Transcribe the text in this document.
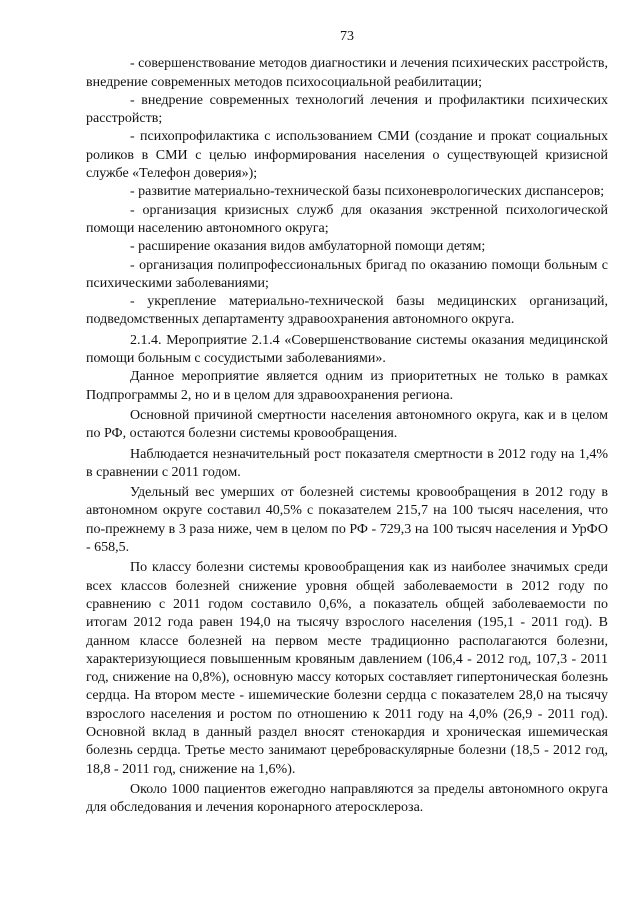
73

- совершенствование методов диагностики и лечения психических расстройств, внедрение современных методов психосоциальной реабилитации;

- внедрение современных технологий лечения и профилактики психических расстройств;

- психопрофилактика с использованием СМИ (создание и прокат социальных роликов в СМИ с целью информирования населения о существующей кризисной службе «Телефон доверия»);

- развитие материально-технической базы психоневрологических диспансеров;

- организация кризисных служб для оказания экстренной психологической помощи населению автономного округа;

- расширение оказания видов амбулаторной помощи детям;

- организация полипрофессиональных бригад по оказанию помощи больным с психическими заболеваниями;

- укрепление материально-технической базы медицинских организаций, подведомственных департаменту здравоохранения автономного округа.

2.1.4. Мероприятие 2.1.4 «Совершенствование системы оказания медицинской помощи больным с сосудистыми заболеваниями».

Данное мероприятие является одним из приоритетных не только в рамках Подпрограммы 2, но и в целом для здравоохранения региона.

Основной причиной смертности населения автономного округа, как и в целом по РФ, остаются болезни системы кровообращения.

Наблюдается незначительный рост показателя смертности в 2012 году на 1,4% в сравнении с 2011 годом.

Удельный вес умерших от болезней системы кровообращения в 2012 году в автономном округе составил 40,5% с показателем 215,7 на 100 тысяч населения, что по-прежнему в 3 раза ниже, чем в целом по РФ - 729,3 на 100 тысяч населения и УрФО - 658,5.

По классу болезни системы кровообращения как из наиболее значимых среди всех классов болезней снижение уровня общей заболеваемости в 2012 году по сравнению с 2011 годом составило 0,6%, а показатель общей заболеваемости по итогам 2012 года равен 194,0 на тысячу взрослого населения (195,1 - 2011 год). В данном классе болезней на первом месте традиционно располагаются болезни, характеризующиеся повышенным кровяным давлением (106,4 - 2012 год, 107,3 - 2011 год, снижение на 0,8%), основную массу которых составляет гипертоническая болезнь сердца. На втором месте - ишемические болезни сердца с показателем 28,0 на тысячу взрослого населения и ростом по отношению к 2011 году на 4,0% (26,9 - 2011 год). Основной вклад в данный раздел вносят стенокардия и хроническая ишемическая болезнь сердца. Третье место занимают цереброваскулярные болезни (18,5 - 2012 год, 18,8 - 2011 год, снижение на 1,6%).

Около 1000 пациентов ежегодно направляются за пределы автономного округа для обследования и лечения коронарного атеросклероза.
